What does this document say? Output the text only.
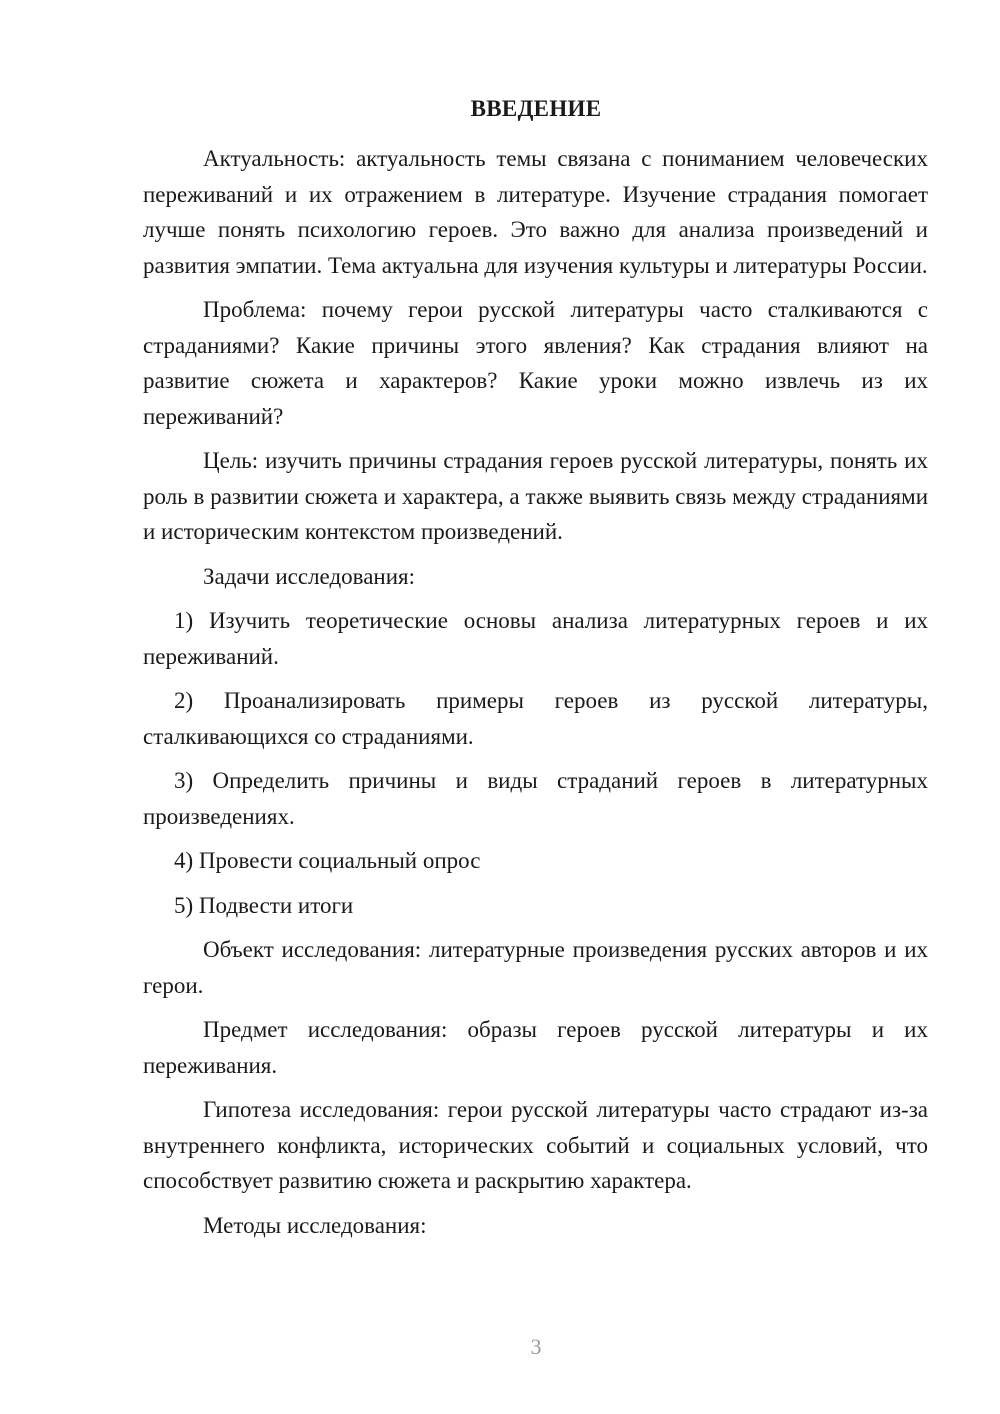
ВВЕДЕНИЕ

Актуальность: актуальность темы связана с пониманием человеческих переживаний и их отражением в литературе. Изучение страдания помогает лучше понять психологию героев. Это важно для анализа произведений и развития эмпатии. Тема актуальна для изучения культуры и литературы России.

Проблема: почему герои русской литературы часто сталкиваются с страданиями? Какие причины этого явления? Как страдания влияют на развитие сюжета и характеров? Какие уроки можно извлечь из их переживаний?

Цель: изучить причины страдания героев русской литературы, понять их роль в развитии сюжета и характера, а также выявить связь между страданиями и историческим контекстом произведений.

Задачи исследования:

1) Изучить теоретические основы анализа литературных героев и их переживаний.

2) Проанализировать примеры героев из русской литературы, сталкивающихся со страданиями.

3) Определить причины и виды страданий героев в литературных произведениях.

4) Провести социальный опрос

5) Подвести итоги

Объект исследования: литературные произведения русских авторов и их герои.

Предмет исследования: образы героев русской литературы и их переживания.

Гипотеза исследования: герои русской литературы часто страдают из-за внутреннего конфликта, исторических событий и социальных условий, что способствует развитию сюжета и раскрытию характера.

Методы исследования:

3
